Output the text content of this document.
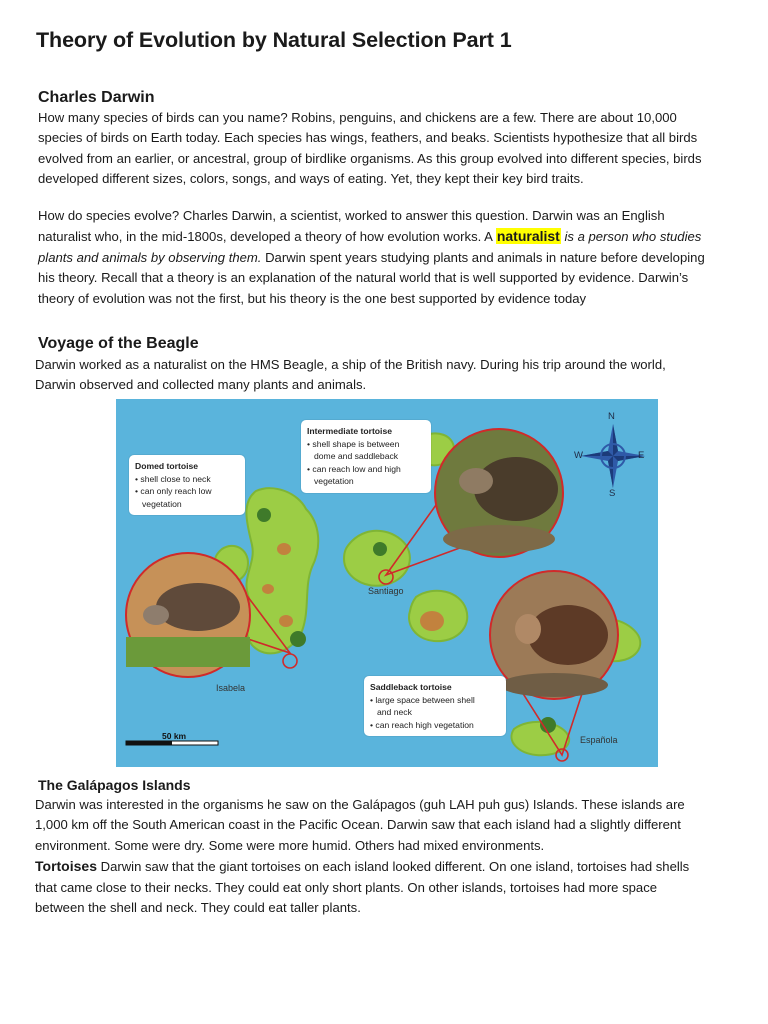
Theory of Evolution by Natural Selection Part 1
Charles Darwin
How many species of birds can you name? Robins, penguins, and chickens are a few. There are about 10,000
species of birds on Earth today. Each species has wings, feathers, and beaks. Scientists hypothesize that all birds
evolved from an earlier, or ancestral, group of birdlike organisms. As this group evolved into different species, birds
developed different sizes, colors, songs, and ways of eating. Yet, they kept their key bird traits.
How do species evolve? Charles Darwin, a scientist, worked to answer this question. Darwin was an English
naturalist who, in the mid-1800s, developed a theory of how evolution works. A naturalist is a person who studies
plants and animals by observing them. Darwin spent years studying plants and animals in nature before developing
his theory. Recall that a theory is an explanation of the natural world that is well supported by evidence. Darwin’s
theory of evolution was not the first, but his theory is the one best supported by evidence today
Voyage of the Beagle
Darwin worked as a naturalist on the HMS Beagle, a ship of the British navy. During his trip around the world,
Darwin observed and collected many plants and animals.
Intermediate tortoise
• shell shape is between
dome and saddleback
• can reach low and high
vegetation
Domed tortoise
• shell close to neck
• can only reach low
vegetation
Saddleback tortoise
• large space between shell
and neck
• can reach high vegetation
Santiago
Isabela
Española
N
S
E
W
50 km
The Galápagos Islands
Darwin was interested in the organisms he saw on the Galápagos (guh LAH puh gus) Islands. These islands are
1,000 km off the South American coast in the Pacific Ocean. Darwin saw that each island had a slightly different
environment. Some were dry. Some were more humid. Others had mixed environments.
Tortoises Darwin saw that the giant tortoises on each island looked different. On one island, tortoises had shells
that came close to their necks. They could eat only short plants. On other islands, tortoises had more space
between the shell and neck. They could eat taller plants.
